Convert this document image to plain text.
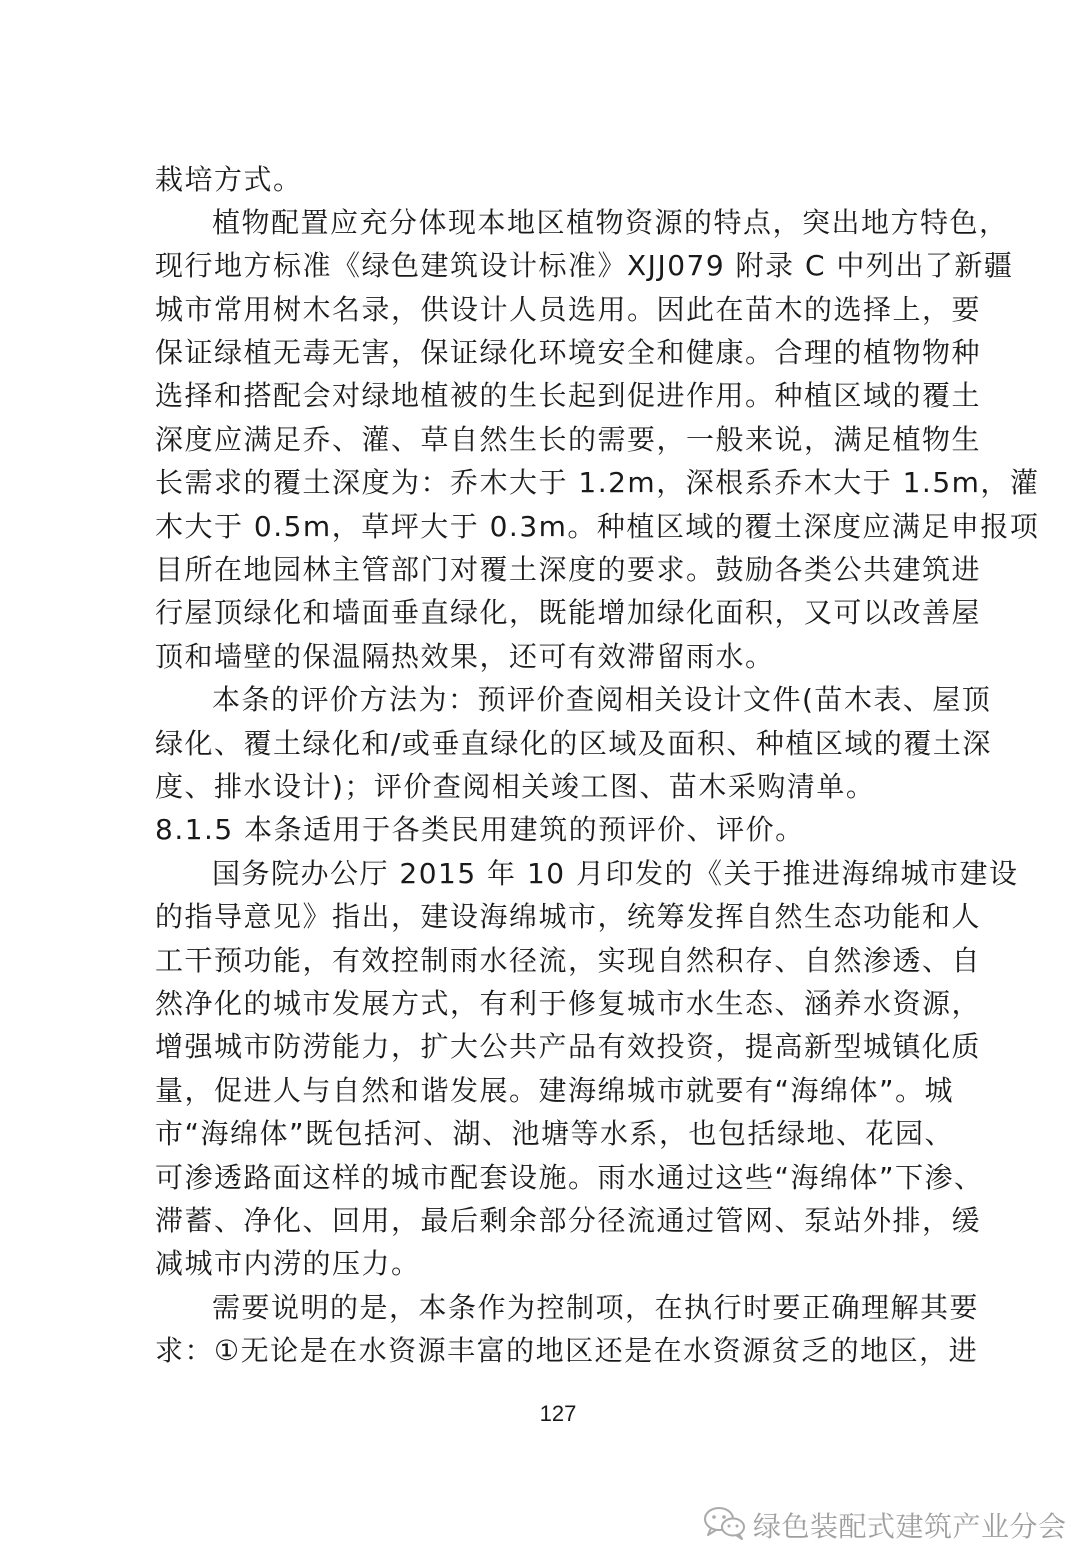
栽培方式。
植物配置应充分体现本地区植物资源的特点，突出地方特色，
现行地方标准《绿色建筑设计标准》XJJ079 附录 C 中列出了新疆
城市常用树木名录，供设计人员选用。因此在苗木的选择上，要
保证绿植无毒无害，保证绿化环境安全和健康。合理的植物物种
选择和搭配会对绿地植被的生长起到促进作用。种植区域的覆土
深度应满足乔、灌、草自然生长的需要，一般来说，满足植物生
长需求的覆土深度为：乔木大于 1.2m，深根系乔木大于 1.5m，灌
木大于 0.5m，草坪大于 0.3m。种植区域的覆土深度应满足申报项
目所在地园林主管部门对覆土深度的要求。鼓励各类公共建筑进
行屋顶绿化和墙面垂直绿化，既能增加绿化面积，又可以改善屋
顶和墙壁的保温隔热效果，还可有效滞留雨水。
本条的评价方法为：预评价查阅相关设计文件(苗木表、屋顶
绿化、覆土绿化和/或垂直绿化的区域及面积、种植区域的覆土深
度、排水设计)；评价查阅相关竣工图、苗木采购清单。
8.1.5 本条适用于各类民用建筑的预评价、评价。
国务院办公厅 2015 年 10 月印发的《关于推进海绵城市建设
的指导意见》指出，建设海绵城市，统筹发挥自然生态功能和人
工干预功能，有效控制雨水径流，实现自然积存、自然渗透、自
然净化的城市发展方式，有利于修复城市水生态、涵养水资源，
增强城市防涝能力，扩大公共产品有效投资，提高新型城镇化质
量，促进人与自然和谐发展。建海绵城市就要有“海绵体”。城
市“海绵体”既包括河、湖、池塘等水系，也包括绿地、花园、
可渗透路面这样的城市配套设施。雨水通过这些“海绵体”下渗、
滞蓄、净化、回用，最后剩余部分径流通过管网、泵站外排，缓
减城市内涝的压力。
需要说明的是，本条作为控制项，在执行时要正确理解其要
求：①无论是在水资源丰富的地区还是在水资源贫乏的地区，进
127
绿色装配式建筑产业分会
